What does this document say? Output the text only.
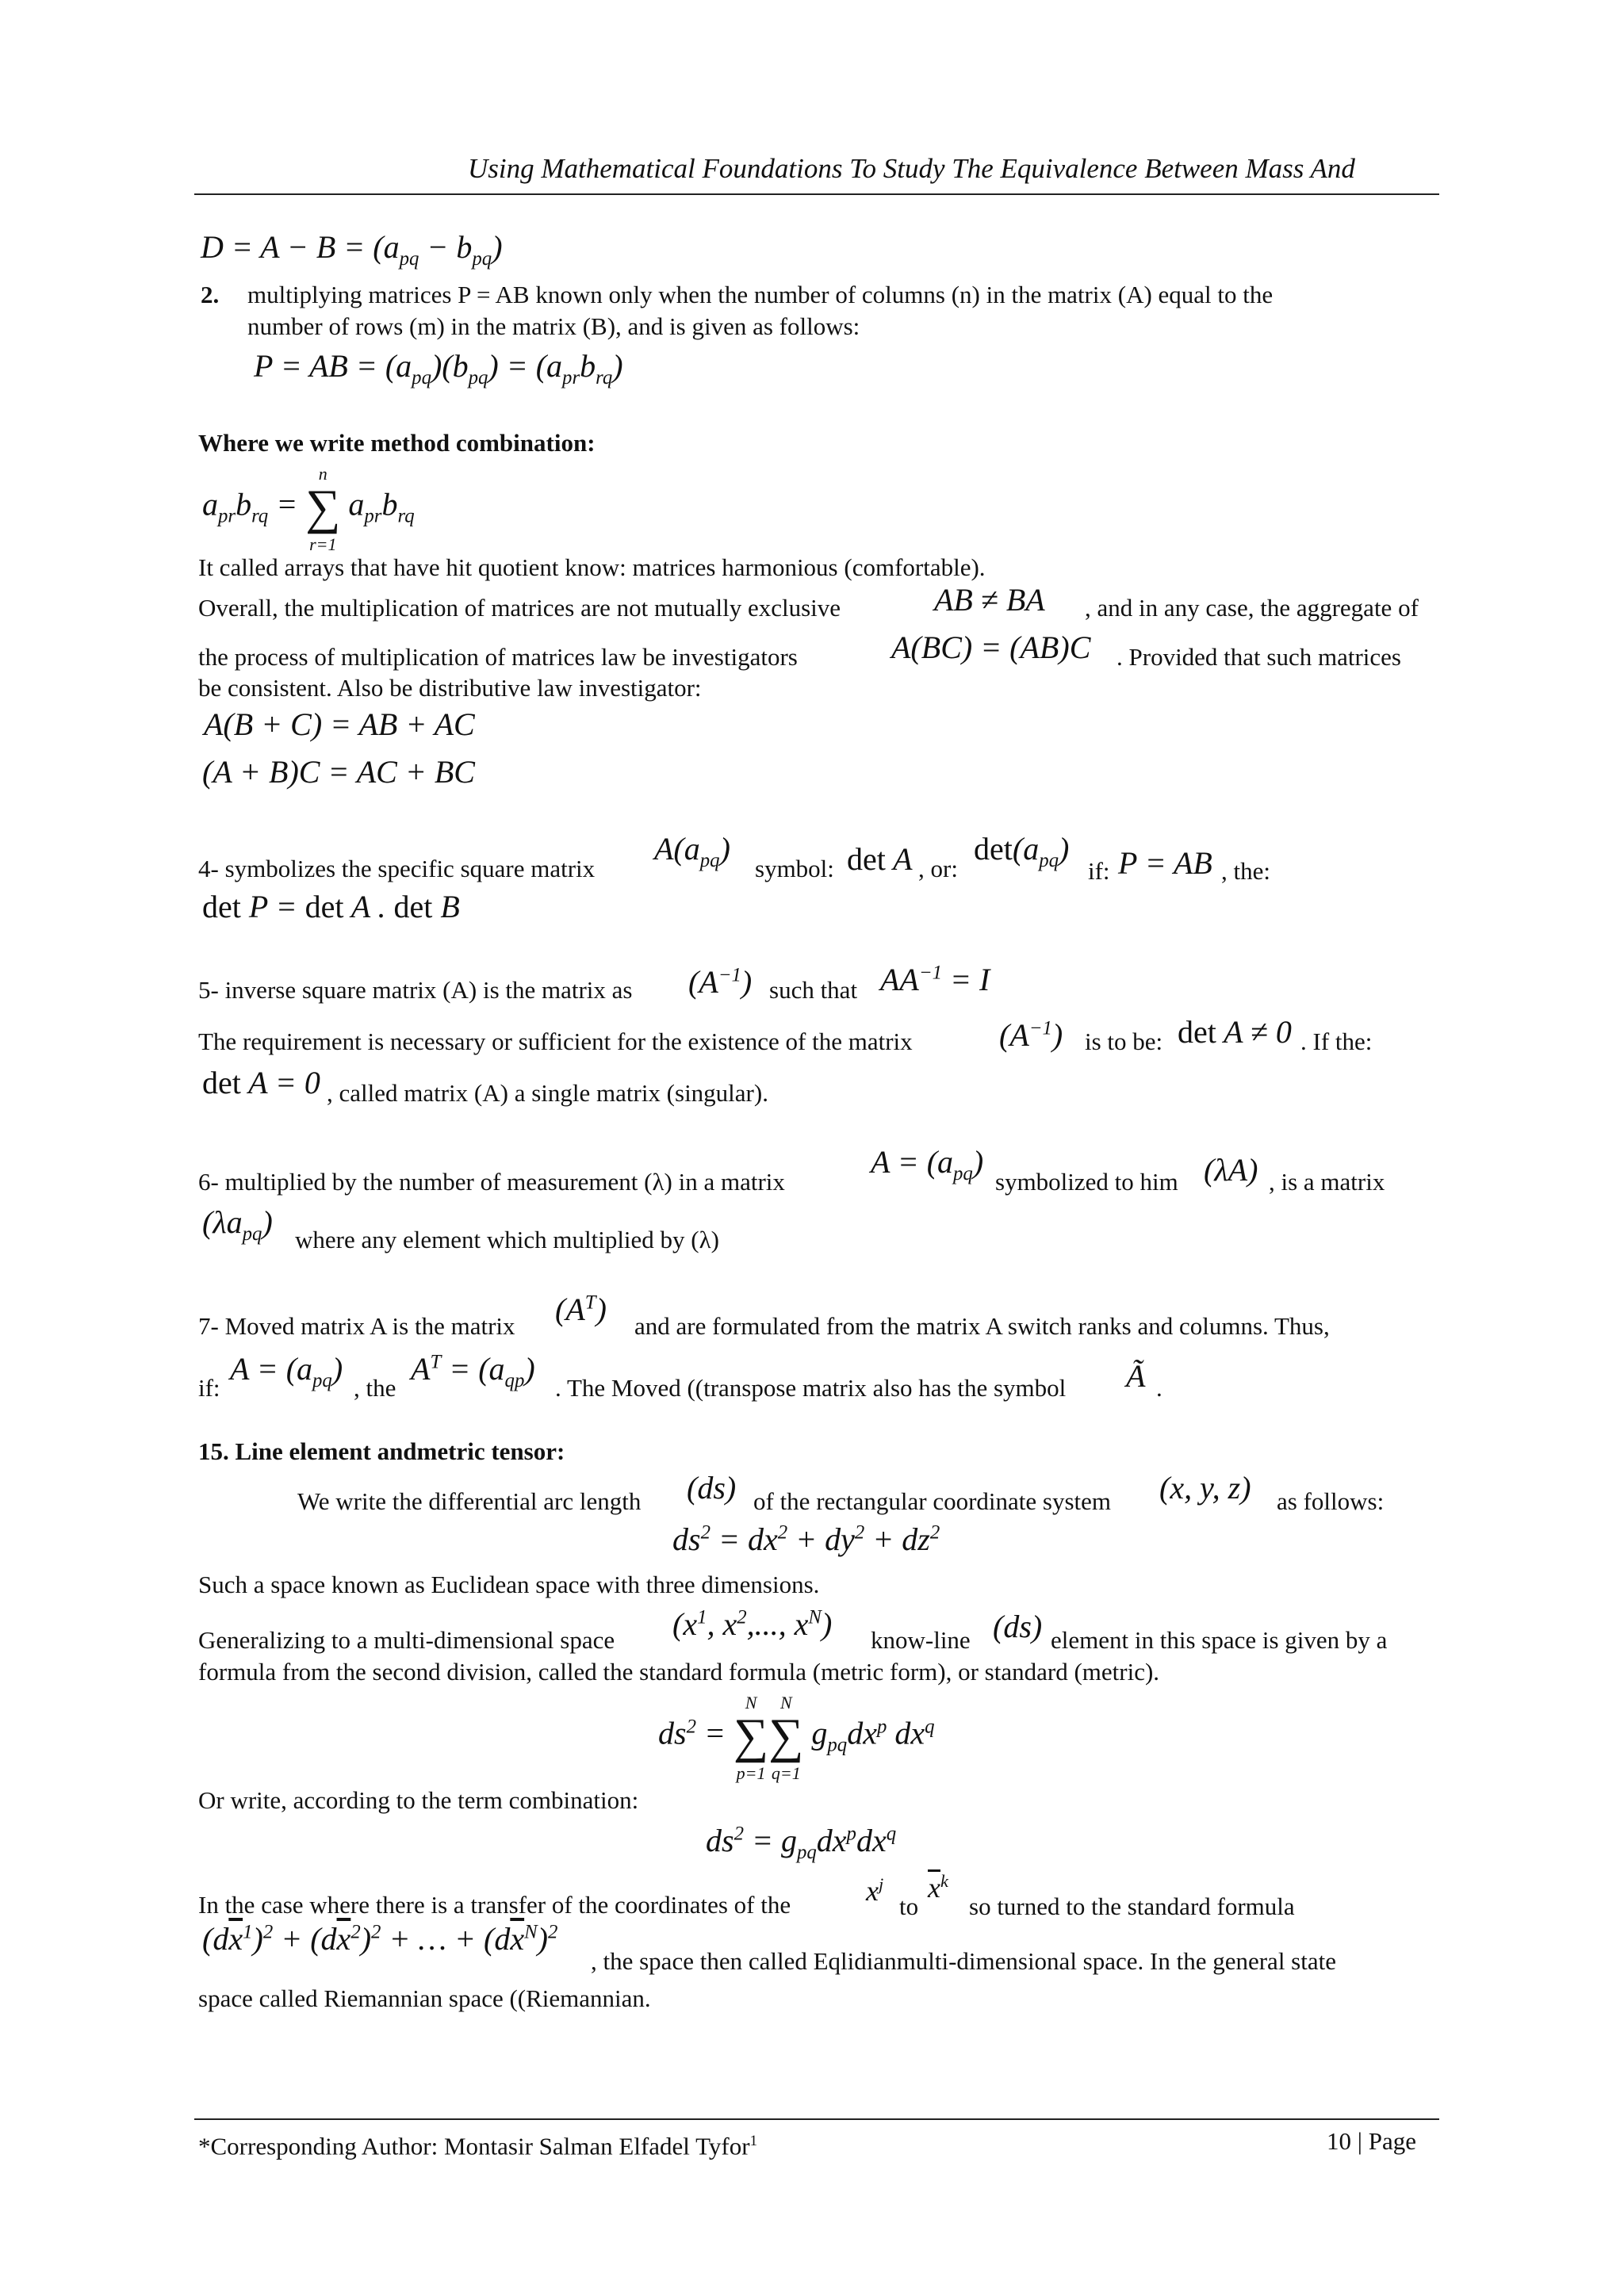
Using Mathematical Foundations To Study The Equivalence Between Mass And
$D = A - B = (a_{pq} - b_{pq})$
2. multiplying matrices P = AB known only when the number of columns (n) in the matrix (A) equal to the
number of rows (m) in the matrix (B), and is given as follows:
P = AB = $(a_{pq})(b_{pq}) = (a_{pr}b_{rq})$
Where we write method combination:
$a_{pr}b_{rq}$ = ∑
n
r=1
$a_{pr}b_{rq}$
It called arrays that have hit quotient know: matrices harmonious (comfortable).
Overall, the multiplication of matrices are not mutually exclusive	AB ≠ BA , and in any case, the aggregate of
the process of multiplication of matrices law be investigators	A(BC) = (AB)C . Provided that such matrices
be consistent. Also be distributive law investigator:
A(B + C) = AB + AC
(A + B)C = AC + BC
4- symbolizes the specific square matrix
$A(a_{pq})$
symbol: det A , or:
$\det(a_{pq})$
if: P = AB , the:
det P = det A . det B
5- inverse square matrix (A) is the matrix as $(A^{-1})$ such that $AA^{-1} = I$
The requirement is necessary or sufficient for the existence of the matrix	$(A^{-1})$ is to be: det A ≠ 0 . If the:
det A = 0 , called matrix (A) a single matrix (singular).
6- multiplied by the number of measurement (λ) in a matrix
$A = (a_{pq})$
symbolized to him (λA) , is a matrix
$(\lambda a_{pq})$ where any element which multiplied by (λ)
7- Moved matrix A is the matrix $(A^T)$ and are formulated from the matrix A switch ranks and columns. Thus,
if:
$A = (a_{pq})$
, the
$A^T = (a_{qp})$
. The Moved ((transpose matrix also has the symbol Ã .
15. Line element andmetric tensor:
We write the differential arc length (ds) of the rectangular coordinate system (x, y, z) as follows:
$ds^2 = dx^2 + dy^2 + dz^2$
Such a space known as Euclidean space with three dimensions.
Generalizing to a multi-dimensional space ($x^1$, $x^2$,..., $x^N$) know-line (ds) element in this space is given by a
formula from the second division, called the standard formula (metric form), or standard (metric).
$ds^2$ = ∑
N
p=1
∑
N
q=1
$g_{pq}dx^p$ $dx^q$
Or write, according to the term combination:
$ds^2 = g_{pq}dx^pdx^q$
In the case where there is a transfer of the coordinates of the	$x^j$
to
$\overline{x}^k$
so turned to the standard formula
$(d\overline{x}^1)^2 + (d\overline{x}^2)^2$ + … + $(d\overline{x}^N)^2$
, the space then called Eqlidianmulti-dimensional space. In the general state
space called Riemannian space ((Riemannian.
*Corresponding Author: Montasir Salman Elfadel Tyfor$^1$	10 | Page
